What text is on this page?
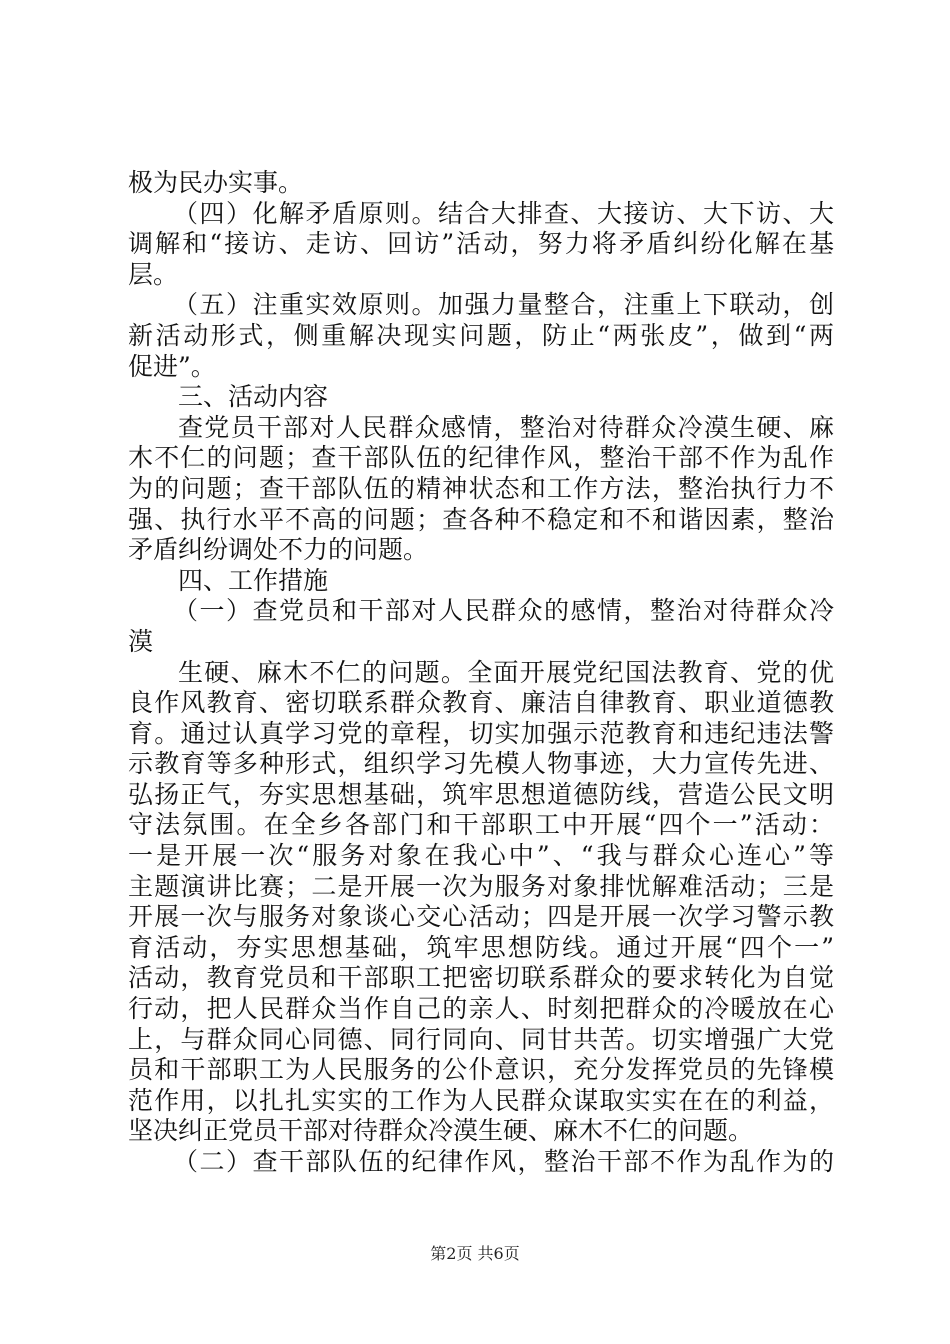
极为民办实事。
（四）化解矛盾原则。结合大排查、大接访、大下访、大
调解和“接访、走访、回访”活动，努力将矛盾纠纷化解在基
层。
（五）注重实效原则。加强力量整合，注重上下联动，创
新活动形式，侧重解决现实问题，防止“两张皮”，做到“两
促进”。
三、活动内容
查党员干部对人民群众感情，整治对待群众冷漠生硬、麻
木不仁的问题；查干部队伍的纪律作风，整治干部不作为乱作
为的问题；查干部队伍的精神状态和工作方法，整治执行力不
强、执行水平不高的问题；查各种不稳定和不和谐因素，整治
矛盾纠纷调处不力的问题。
四、工作措施
（一）查党员和干部对人民群众的感情，整治对待群众冷
漠
生硬、麻木不仁的问题。全面开展党纪国法教育、党的优
良作风教育、密切联系群众教育、廉洁自律教育、职业道德教
育。通过认真学习党的章程，切实加强示范教育和违纪违法警
示教育等多种形式，组织学习先模人物事迹，大力宣传先进、
弘扬正气，夯实思想基础，筑牢思想道德防线，营造公民文明
守法氛围。在全乡各部门和干部职工中开展“四个一”活动：
一是开展一次“服务对象在我心中”、“我与群众心连心”等
主题演讲比赛；二是开展一次为服务对象排忧解难活动；三是
开展一次与服务对象谈心交心活动；四是开展一次学习警示教
育活动，夯实思想基础，筑牢思想防线。通过开展“四个一”
活动，教育党员和干部职工把密切联系群众的要求转化为自觉
行动，把人民群众当作自己的亲人、时刻把群众的冷暖放在心
上，与群众同心同德、同行同向、同甘共苦。切实增强广大党
员和干部职工为人民服务的公仆意识，充分发挥党员的先锋模
范作用，以扎扎实实的工作为人民群众谋取实实在在的利益，
坚决纠正党员干部对待群众冷漠生硬、麻木不仁的问题。
（二）查干部队伍的纪律作风，整治干部不作为乱作为的
第2页 共6页
